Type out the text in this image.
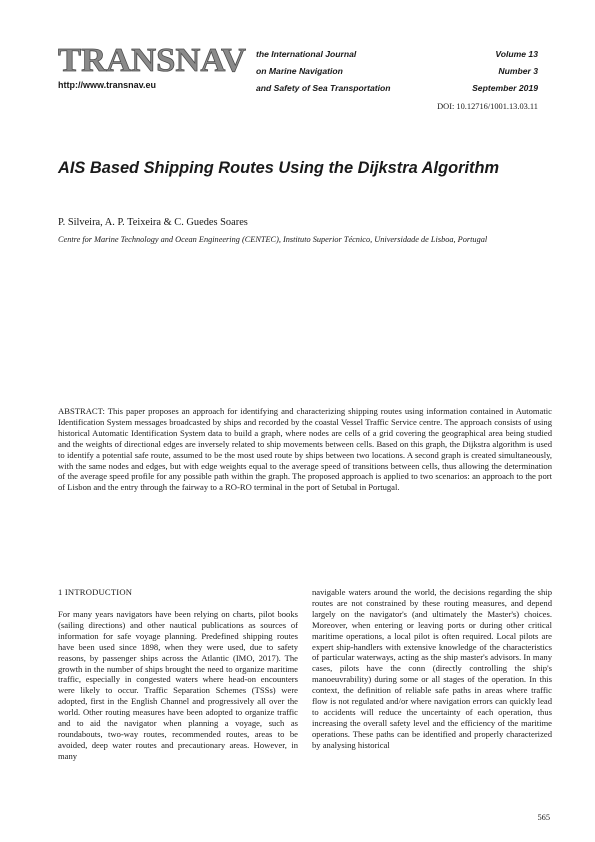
TRANSNAV
http://www.transnav.eu
the International Journal
on Marine Navigation
and Safety of Sea Transportation
Volume 13
Number 3
September 2019
DOI: 10.12716/1001.13.03.11
AIS Based Shipping Routes Using the Dijkstra Algorithm
P. Silveira, A. P. Teixeira & C. Guedes Soares
Centre for Marine Technology and Ocean Engineering (CENTEC), Instituto Superior Técnico, Universidade de Lisboa, Portugal

ABSTRACT: This paper proposes an approach for identifying and characterizing shipping routes using information contained in Automatic Identification System messages broadcasted by ships and recorded by the coastal Vessel Traffic Service centre. The approach consists of using historical Automatic Identification System data to build a graph, where nodes are cells of a grid covering the geographical area being studied and the weights of directional edges are inversely related to ship movements between cells. Based on this graph, the Dijkstra algorithm is used to identify a potential safe route, assumed to be the most used route by ships between two locations. A second graph is created simultaneously, with the same nodes and edges, but with edge weights equal to the average speed of transitions between cells, thus allowing the determination of the average speed profile for any possible path within the graph. The proposed approach is applied to two scenarios: an approach to the port of Lisbon and the entry through the fairway to a RO-RO terminal in the port of Setubal in Portugal.

1 INTRODUCTION

For many years navigators have been relying on charts, pilot books (sailing directions) and other nautical publications as sources of information for safe voyage planning. Predefined shipping routes have been used since 1898, when they were used, due to safety reasons, by passenger ships across the Atlantic (IMO, 2017). The growth in the number of ships brought the need to organize maritime traffic, especially in congested waters where head-on encounters were likely to occur. Traffic Separation Schemes (TSSs) were adopted, first in the English Channel and progressively all over the world. Other routing measures have been adopted to organize traffic and to aid the navigator when planning a voyage, such as roundabouts, two-way routes, recommended routes, areas to be avoided, deep water routes and precautionary areas. However, in many

navigable waters around the world, the decisions regarding the ship routes are not constrained by these routing measures, and depend largely on the navigator's (and ultimately the Master's) choices. Moreover, when entering or leaving ports or during other critical maritime operations, a local pilot is often required. Local pilots are expert ship-handlers with extensive knowledge of the characteristics of particular waterways, acting as the ship master's advisors. In many cases, pilots have the conn (directly controlling the ship's manoeuvrability) during some or all stages of the operation. In this context, the definition of reliable safe paths in areas where traffic flow is not regulated and/or where navigation errors can quickly lead to accidents will reduce the uncertainty of each operation, thus increasing the overall safety level and the efficiency of the maritime operations. These paths can be identified and properly characterized by analysing historical

565
